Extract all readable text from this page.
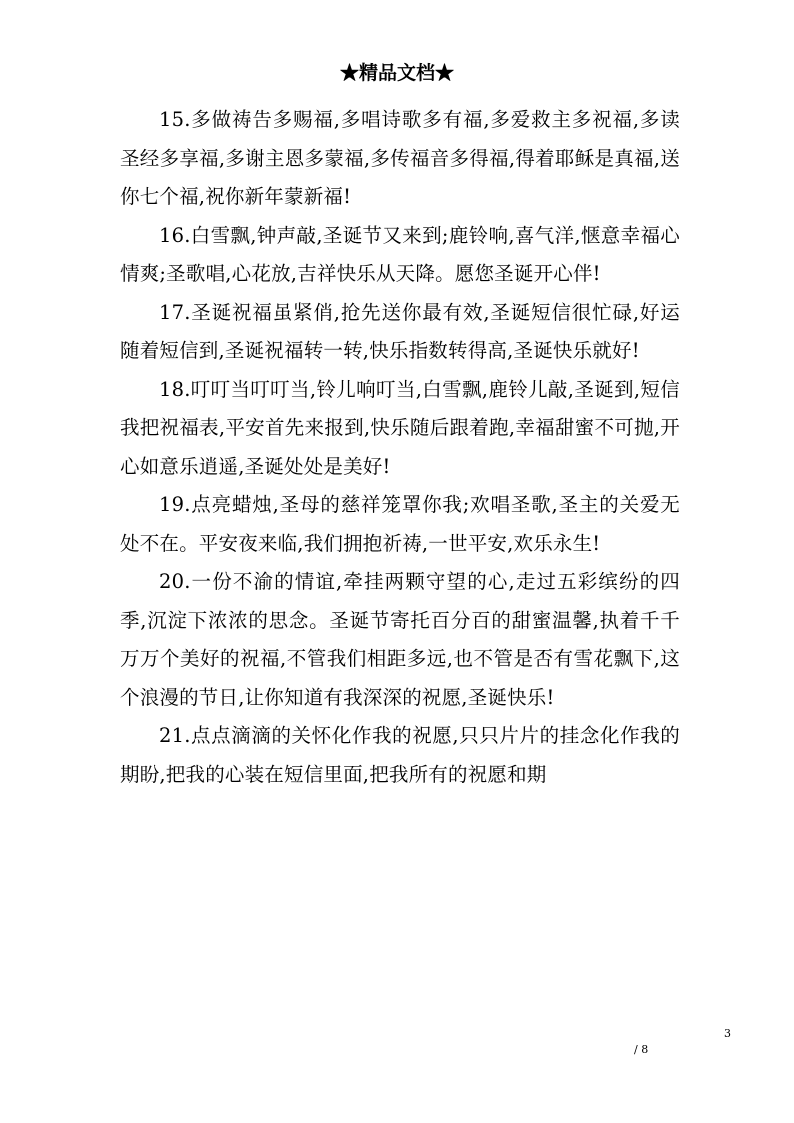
★精品文档★

15.多做祷告多赐福,多唱诗歌多有福,多爱救主多祝福,多读圣经多享福,多谢主恩多蒙福,多传福音多得福,得着耶稣是真福,送你七个福,祝你新年蒙新福!

16.白雪飘,钟声敲,圣诞节又来到;鹿铃响,喜气洋,惬意幸福心情爽;圣歌唱,心花放,吉祥快乐从天降。愿您圣诞开心伴!

17.圣诞祝福虽紧俏,抢先送你最有效,圣诞短信很忙碌,好运随着短信到,圣诞祝福转一转,快乐指数转得高,圣诞快乐就好!

18.叮叮当叮叮当,铃儿响叮当,白雪飘,鹿铃儿敲,圣诞到,短信我把祝福表,平安首先来报到,快乐随后跟着跑,幸福甜蜜不可抛,开心如意乐逍遥,圣诞处处是美好!

19.点亮蜡烛,圣母的慈祥笼罩你我;欢唱圣歌,圣主的关爱无处不在。平安夜来临,我们拥抱祈祷,一世平安,欢乐永生!

20.一份不渝的情谊,牵挂两颗守望的心,走过五彩缤纷的四季,沉淀下浓浓的思念。圣诞节寄托百分百的甜蜜温馨,执着千千万万个美好的祝福,不管我们相距多远,也不管是否有雪花飘下,这个浪漫的节日,让你知道有我深深的祝愿,圣诞快乐!

21.点点滴滴的关怀化作我的祝愿,只只片片的挂念化作我的期盼,把我的心装在短信里面,把我所有的祝愿和期

3
/ 8
